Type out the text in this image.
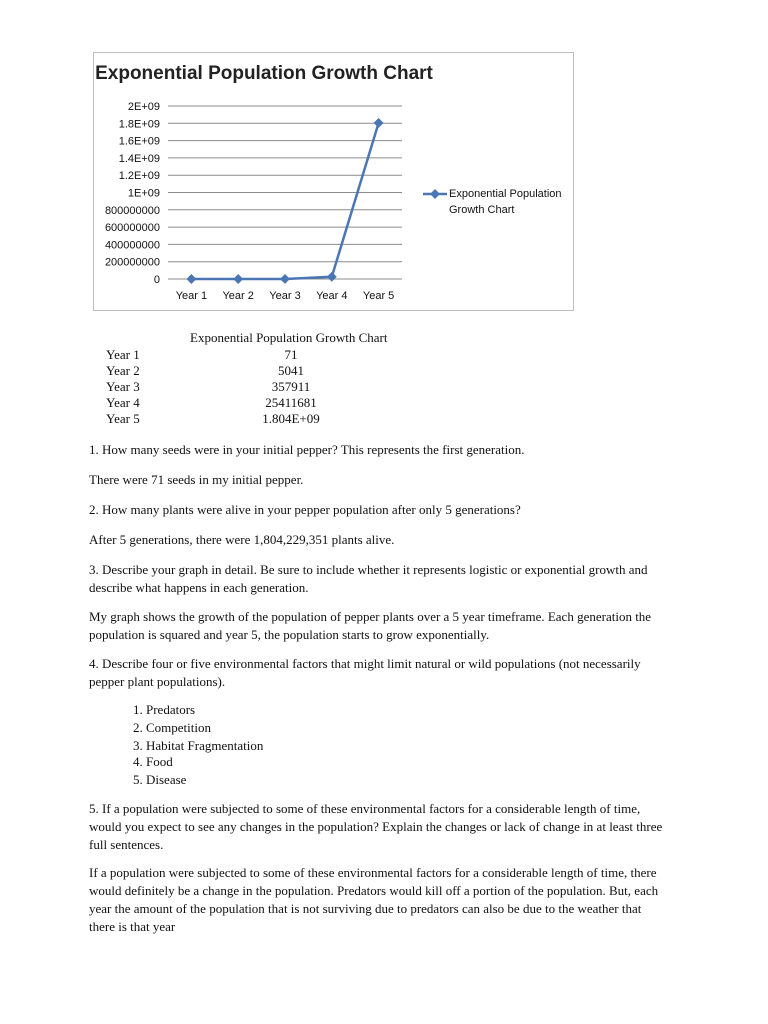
Exponential Population Growth Chart
0
200000000
400000000
600000000
800000000
1E+09
1.2E+09
1.4E+09
1.6E+09
1.8E+09
2E+09
Year 1 Year 2 Year 3 Year 4 Year 5
Exponential Population Growth Chart
Exponential Population Growth Chart
Year 1	71
Year 2	5041
Year 3	357911
Year 4	25411681
Year 5	1.804E+09

1. How many seeds were in your initial pepper? This represents the first generation.

There were 71 seeds in my initial pepper.

2. How many plants were alive in your pepper population after only 5 generations?

After 5 generations, there were 1,804,229,351 plants alive.

3. Describe your graph in detail. Be sure to include whether it represents logistic or exponential growth and describe what happens in each generation.

My graph shows the growth of the population of pepper plants over a 5 year timeframe. Each generation the population is squared and year 5, the population starts to grow exponentially.

4. Describe four or five environmental factors that might limit natural or wild populations (not necessarily pepper plant populations).

1. Predators
2. Competition
3. Habitat Fragmentation
4. Food
5. Disease

5. If a population were subjected to some of these environmental factors for a considerable length of time, would you expect to see any changes in the population? Explain the changes or lack of change in at least three full sentences.

If a population were subjected to some of these environmental factors for a considerable length of time, there would definitely be a change in the population. Predators would kill off a portion of the population. But, each year the amount of the population that is not surviving due to predators can also be due to the weather that there is that year
